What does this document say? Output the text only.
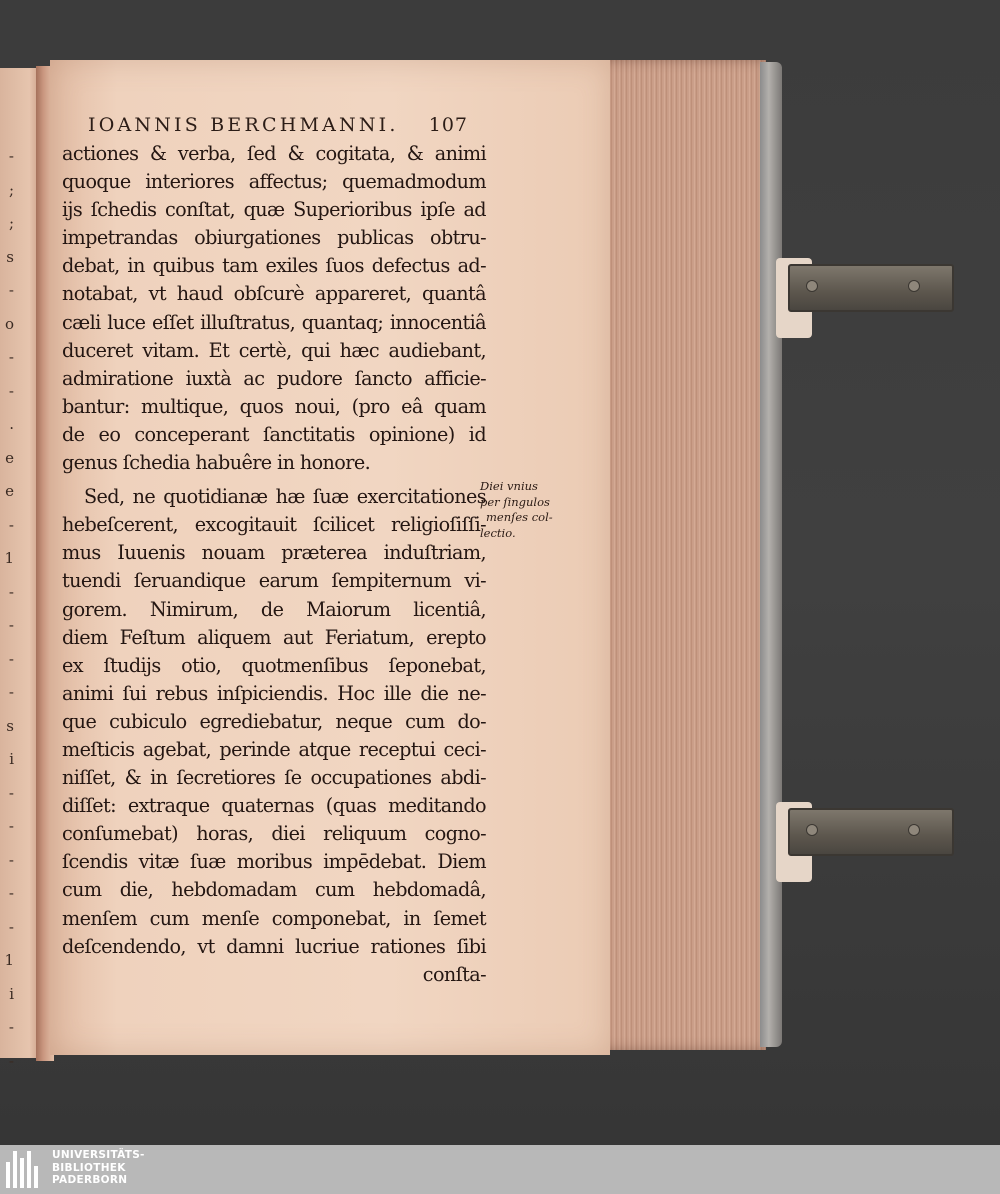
-
;
;
s
-
o
-
-
.
e
e
-
1
-
-
-
-
s
i
-
-
-
-
-
1
i
-
-
IOANNIS BERCHMANNI. 107
actiones & verba, ſed & cogitata, & animi
quoque interiores affectus; quemadmodum
ijs ſchedis conſtat, quæ Superioribus ipſe ad
impetrandas obiurgationes publicas obtru-
debat, in quibus tam exiles ſuos defectus ad-
notabat, vt haud obſcurè appareret, quantâ
cæli luce eſſet illuſtratus, quantaq; innocentiâ
duceret vitam. Et certè, qui hæc audiebant,
admiratione iuxtà ac pudore ſancto afficie-
bantur: multique, quos noui, (pro eâ quam
de eo conceperant ſanctitatis opinione) id
genus ſchedia habuêre in honore.
Sed, ne quotidianæ hæ ſuæ exercitationes
hebeſcerent, excogitauit ſcilicet religioſiſſi-
mus Iuuenis nouam præterea induſtriam,
tuendi ſeruandique earum ſempiternum vi-
gorem. Nimirum, de Maiorum licentiâ,
diem Feſtum aliquem aut Feriatum, erepto
ex ſtudijs otio, quotmenſibus ſeponebat,
animi ſui rebus inſpiciendis. Hoc ille die ne-
que cubiculo egrediebatur, neque cum do-
meſticis agebat, perinde atque receptui ceci-
niſſet, & in ſecretiores ſe occupationes abdi-
diſſet: extraque quaternas (quas meditando
conſumebat) horas, diei reliquum cogno-
ſcendis vitæ ſuæ moribus impēdebat. Diem
cum die, hebdomadam cum hebdomadâ,
menſem cum menſe componebat, in ſemet
deſcendendo, vt damni lucriue rationes ſibi
conſta-
Diei vnius
per ſingulos
menſes col-
lectio.
UNIVERSITÄTS-
BIBLIOTHEK
PADERBORN
